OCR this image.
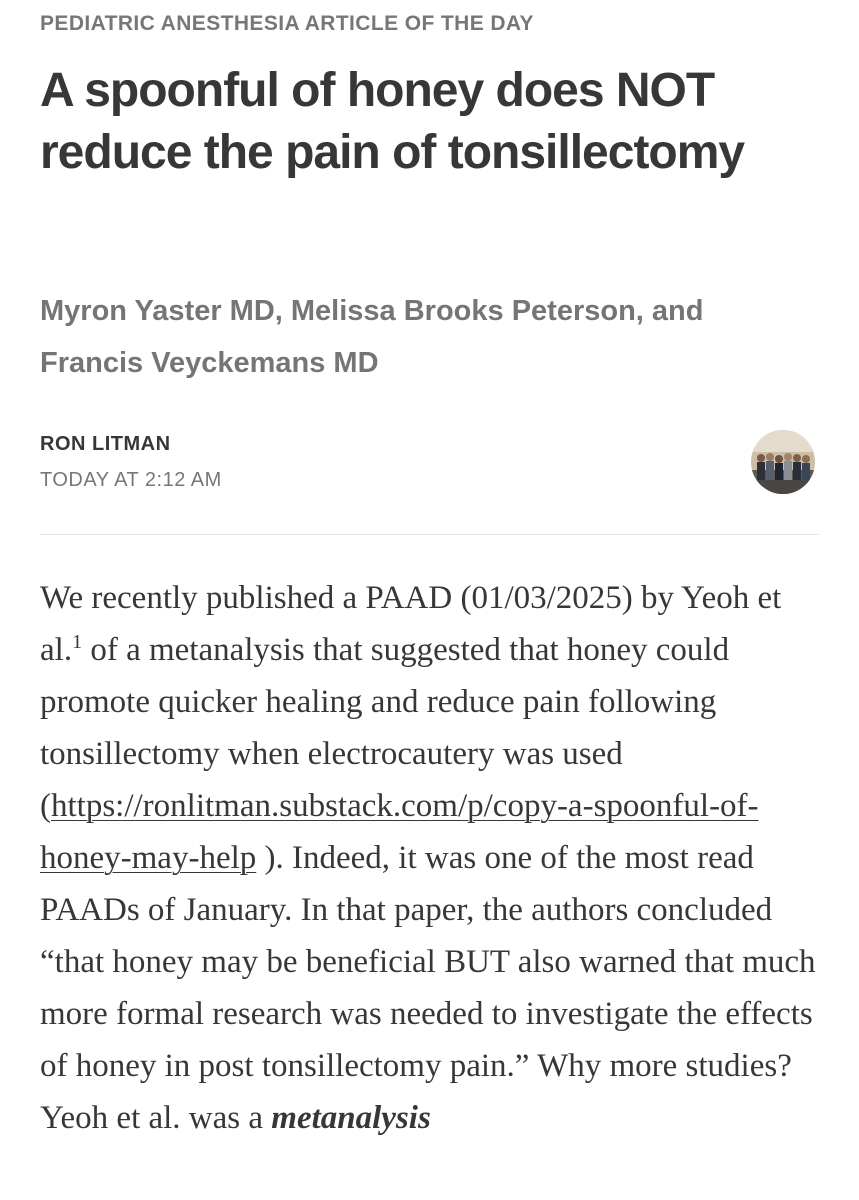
PEDIATRIC ANESTHESIA ARTICLE OF THE DAY
A spoonful of honey does NOT reduce the pain of tonsillectomy
Myron Yaster MD, Melissa Brooks Peterson, and Francis Veyckemans MD
RON LITMAN
TODAY AT 2:12 AM

We recently published a PAAD (01/03/2025) by Yeoh et al.$^1$ of a metanalysis that suggested that honey could promote quicker healing and reduce pain following tonsillectomy when electrocautery was used (https://ronlitman.substack.com/p/copy-a-spoonful-of-honey-may-help ). Indeed, it was one of the most read PAADs of January. In that paper, the authors concluded “that honey may be beneficial BUT also warned that much more formal research was needed to investigate the effects of honey in post tonsillectomy pain.” Why more studies? Yeoh et al. was a metanalysis
